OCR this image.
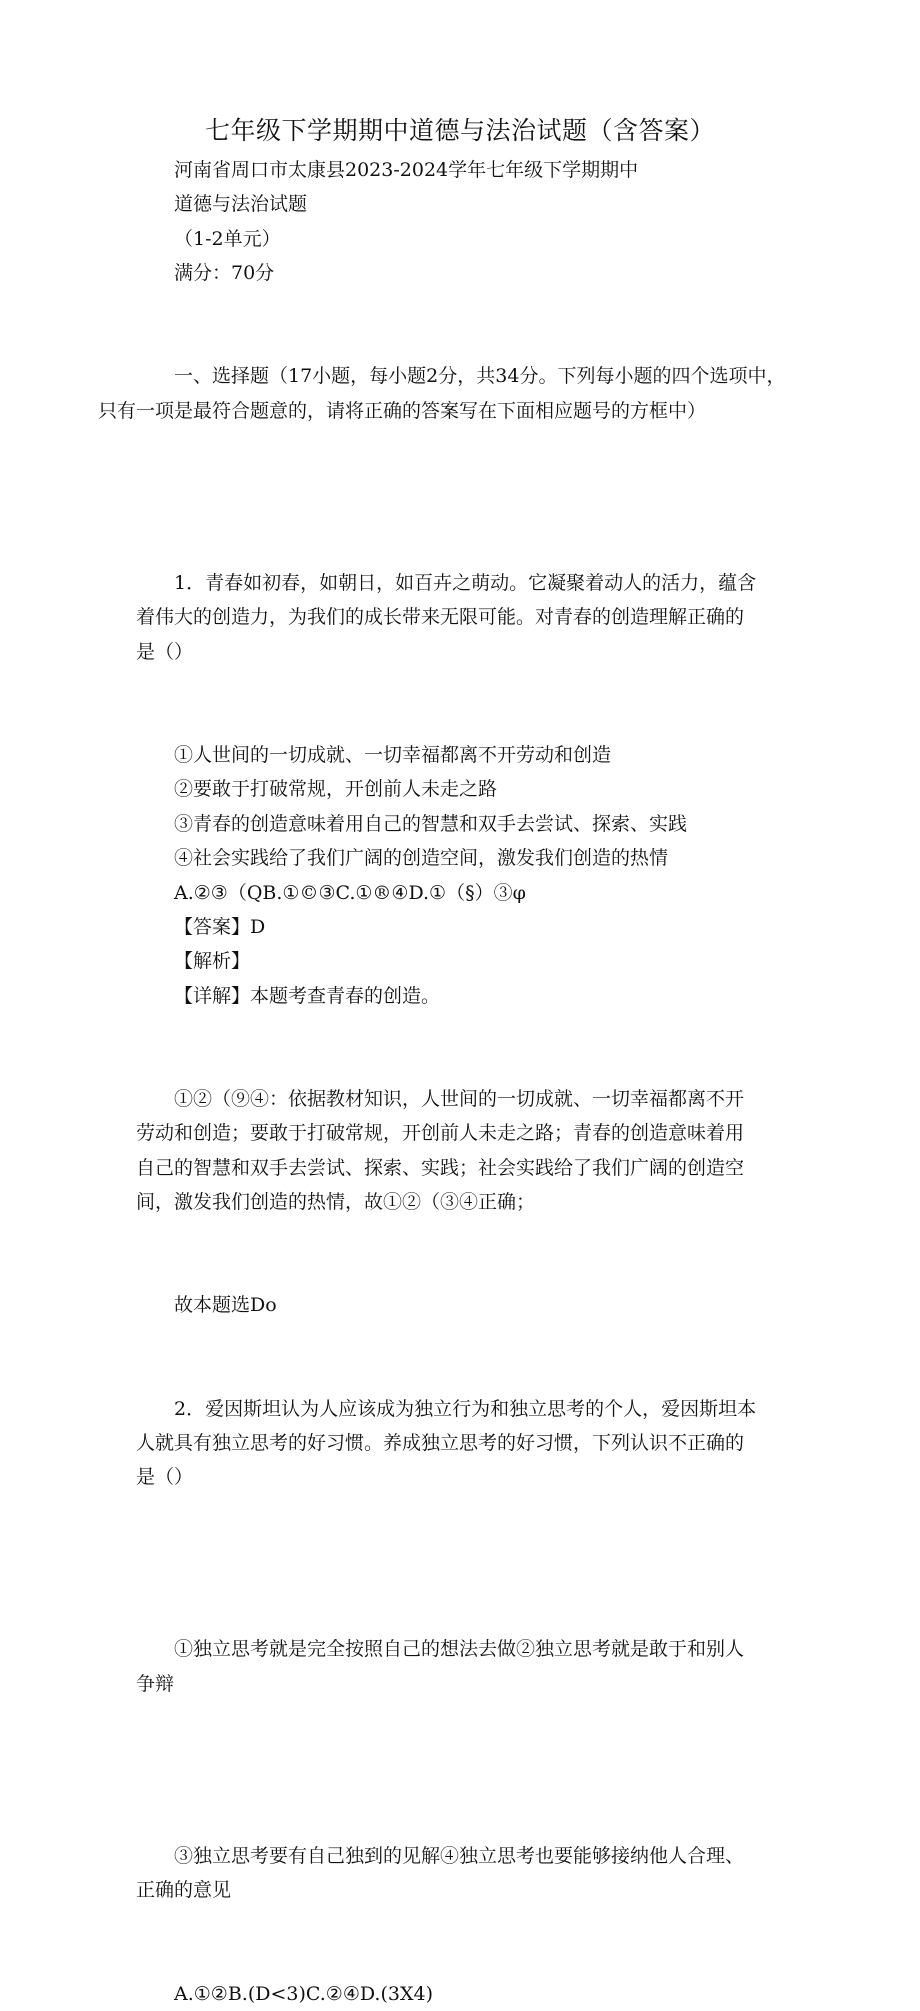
七年级下学期期中道德与法治试题（含答案）

河南省周口市太康县2023-2024学年七年级下学期期中

道德与法治试题

（1-2单元）

满分：70分

一、选择题（17小题，每小题2分，共34分。下列每小题的四个选项中，
只有一项是最符合题意的，请将正确的答案写在下面相应题号的方框中）

1．青春如初春，如朝日，如百卉之萌动。它凝聚着动人的活力，蕴含
着伟大的创造力，为我们的成长带来无限可能。对青春的创造理解正确的
是（）

①人世间的一切成就、一切幸福都离不开劳动和创造

②要敢于打破常规，开创前人未走之路

③青春的创造意味着用自己的智慧和双手去尝试、探索、实践

④社会实践给了我们广阔的创造空间，激发我们创造的热情

A.②③（QB.①©③C.①®④D.①（§）③φ

【答案】D

【解析】

【详解】本题考查青春的创造。

①②（⑨④：依据教材知识，人世间的一切成就、一切幸福都离不开
劳动和创造；要敢于打破常规，开创前人未走之路；青春的创造意味着用
自己的智慧和双手去尝试、探索、实践；社会实践给了我们广阔的创造空
间，激发我们创造的热情，故①②（③④正确；

故本题选Do

2．爱因斯坦认为人应该成为独立行为和独立思考的个人，爱因斯坦本
人就具有独立思考的好习惯。养成独立思考的好习惯，下列认识不正确的
是（）

①独立思考就是完全按照自己的想法去做②独立思考就是敢于和别人
争辩

③独立思考要有自己独到的见解④独立思考也要能够接纳他人合理、
正确的意见

A.①②B.(D<3)C.②④D.(3X4)
